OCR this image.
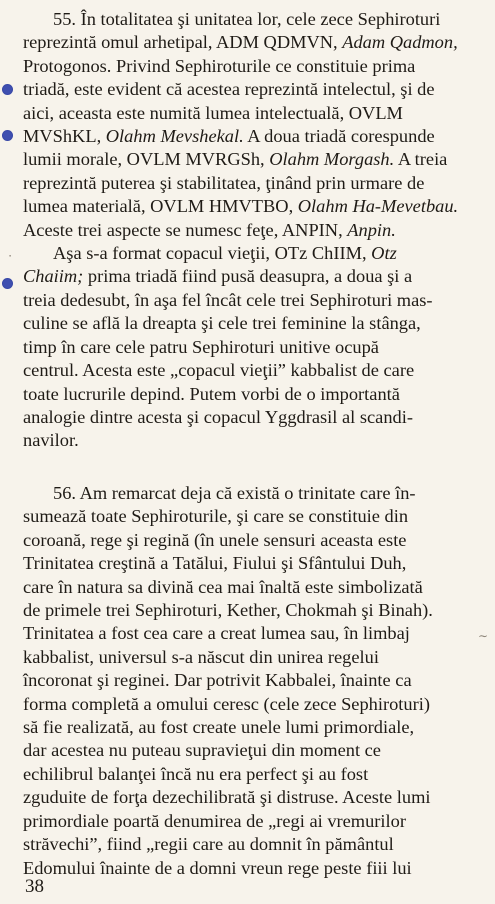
⋅
∼
55. În totalitatea şi unitatea lor, cele zece Sephiroturi
reprezintă omul arhetipal, ADM QDMVN, Adam Qadmon,
Protogonos. Privind Sephiroturile ce constituie prima
triadă, este evident că acestea reprezintă intelectul, şi de
aici, aceasta este numită lumea intelectuală, OVLM
MVShKL, Olahm Mevshekal. A doua triadă corespunde
lumii morale, OVLM MVRGSh, Olahm Morgash. A treia
reprezintă puterea şi stabilitatea, ţinând prin urmare de
lumea materială, OVLM HMVTBO, Olahm Ha-Mevetbau.
Aceste trei aspecte se numesc feţe, ANPIN, Anpin.
Aşa s-a format copacul vieţii, OTz ChIIM, Otz
Chaiim; prima triadă fiind pusă deasupra, a doua şi a
treia dedesubt, în aşa fel încât cele trei Sephiroturi mas-
culine se află la dreapta şi cele trei feminine la stânga,
timp în care cele patru Sephiroturi unitive ocupă
centrul. Acesta este „copacul vieţii” kabbalist de care
toate lucrurile depind. Putem vorbi de o importantă
analogie dintre acesta şi copacul Yggdrasil al scandi-
navilor.
56. Am remarcat deja că există o trinitate care în-
sumează toate Sephiroturile, şi care se constituie din
coroană, rege şi regină (în unele sensuri aceasta este
Trinitatea creştină a Tatălui, Fiului şi Sfântului Duh,
care în natura sa divină cea mai înaltă este simbolizată
de primele trei Sephiroturi, Kether, Chokmah şi Binah).
Trinitatea a fost cea care a creat lumea sau, în limbaj
kabbalist, universul s-a născut din unirea regelui
încoronat şi reginei. Dar potrivit Kabbalei, înainte ca
forma completă a omului ceresc (cele zece Sephiroturi)
să fie realizată, au fost create unele lumi primordiale,
dar acestea nu puteau supravieţui din moment ce
echilibrul balanţei încă nu era perfect şi au fost
zguduite de forţa dezechilibrată şi distruse. Aceste lumi
primordiale poartă denumirea de „regi ai vremurilor
străvechi”, fiind „regii care au domnit în pământul
Edomului înainte de a domni vreun rege peste fiii lui
38
